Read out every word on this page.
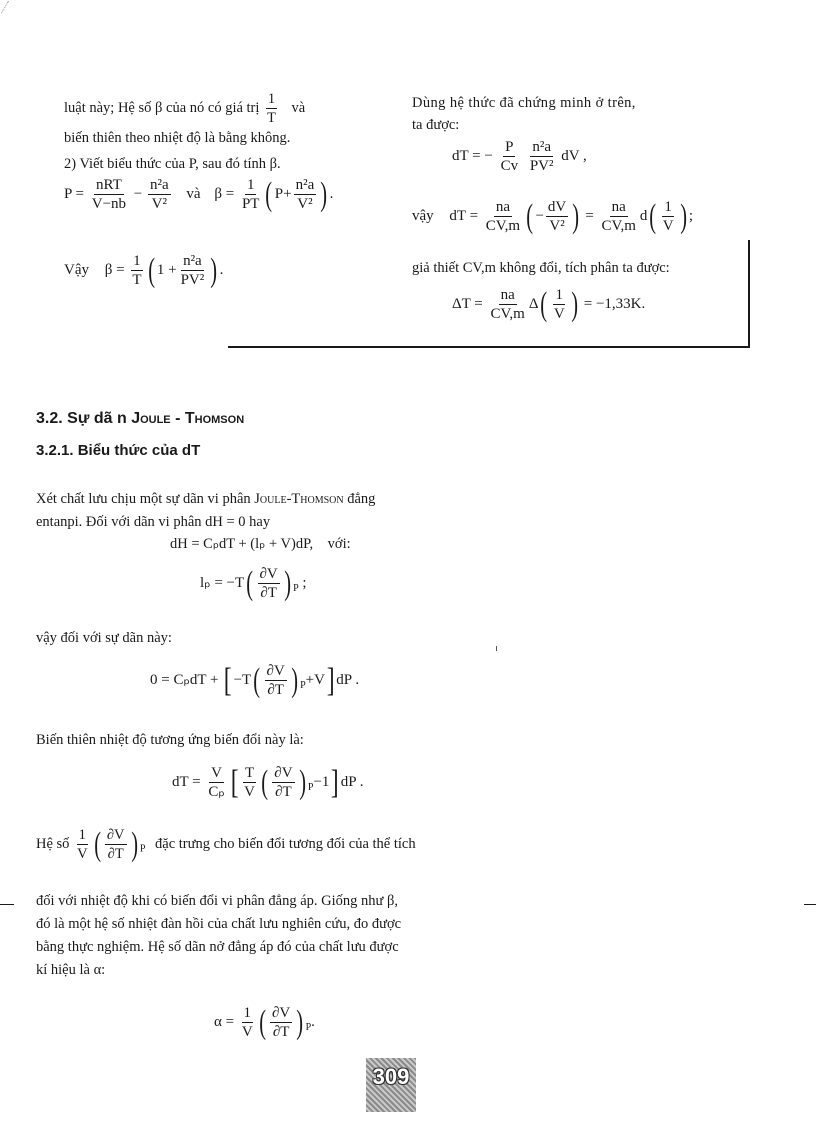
luật này; Hệ số β của nó có giá trị $\frac{1}{T}$ và
biến thiên theo nhiệt độ là bằng không.
2) Viết biểu thức của P, sau đó tính β.
$P = \frac{\text{nRT}}{V-nb} - \frac{\text{n²a}}{\text{V²}}$ và $\beta = \frac{1}{PT}$ ( $P+ \frac{\text{n²a}}{\text{V²}}$ ) .
Vậy $\beta = \frac{1}{T}$ ( $1 + \frac{\text{n²a}}{\text{PV²}}$ ) .
Dùng hệ thức đã chứng minh ở trên,
ta được:
dT = − $\frac{P}{Cv}$
$\frac{\text{n²a}}{\text{PV²}}$ dV ,
vậy dT = $\frac{na}{CV,m}$ ( − $\frac{dV}{\text{V²}}$ ) = $\frac{na}{CV,m} d( \frac{1}{V}$ ) ;
giả thiết CV,m không đổi, tích phân ta được:
$\Delta T = \frac{na}{CV,m} \Delta( \frac{1}{V}$ ) = −1,33K.
3.2. Sự dã n Joule - Thomson
3.2.1. Biểu thức của dT
Xét chất lưu chịu một sự dãn vi phân Joule-Thomson đẳng
entanpi. Đối với dãn vi phân dH = 0 hay
dH = CₚdT + (lₚ + V)dP,    với:
$l_p = -T( \frac{\partial V}{\partial T}$ ) $_P$ ;
vậy đối với sự dãn này:
0 = CₚdT + [ $-T( \frac{\partial V}{\partial T}$ ) $_P$+V] dP .
Biến thiên nhiệt độ tương ứng biến đổi này là:
dT = $\frac{V}{\text{Cₚ}}$ [ $\frac{T}{V}$ ( $\frac{\partial V}{\partial T}$ ) $_P$−1] dP .
Hệ số $\frac{1}{V}$ ( $\frac{\partial V}{\partial T}$ ) $_P$ đặc trưng cho biến đổi tương đối của thể tích
đối với nhiệt độ khi có biến đổi vi phân đẳng áp. Giống như β,
đó là một hệ số nhiệt đàn hồi của chất lưu nghiên cứu, đo được
bằng thực nghiệm. Hệ số dãn nở đẳng áp đó của chất lưu được
kí hiệu là α:
$\alpha = \frac{1}{V}$ ( $\frac{\partial V}{\partial T}$ ) $_P$.
309
